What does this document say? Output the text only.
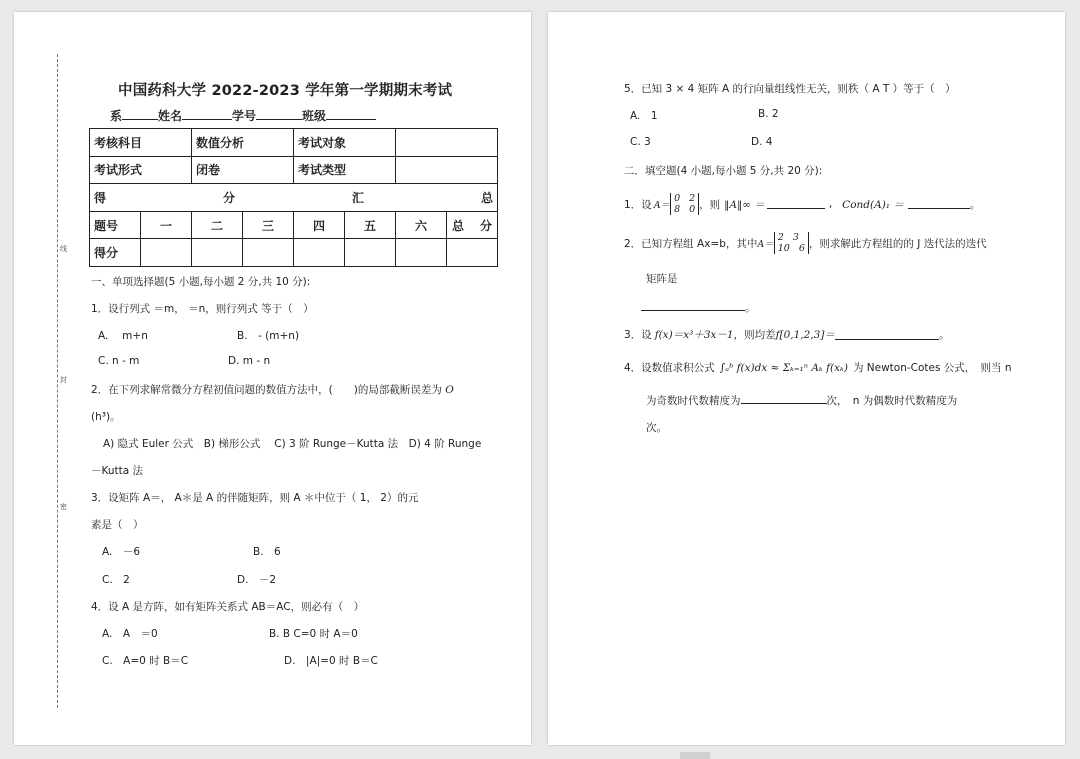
线
封
密
中国药科大学 2022-2023 学年第一学期期末考试
系	姓名	学号	班级
考核科目		数值分析		考试对象			
考试形式		闭卷		考试类型			

得 分 汇 总							

题号	一	二	三	四	五	六	总 分

得分							
一、单项选择题(5 小题,每小题 2 分,共 10 分):
1．设行列式 ＝m， ＝n，则行列式 等于（　）
A.　 m+n	B.　- (m+n)
C. n - m	D. m - n
2．在下列求解常微分方程初值问题的数值方法中，(　　)的局部截断误差为 O
(h³)。
A) 隐式 Euler 公式　B) 梯形公式　 C) 3 阶 Runge－Kutta 法　D) 4 阶 Runge
－Kutta 法
3．设矩阵 A＝， A＊是 A 的伴随矩阵，则 A ＊中位于（ 1， 2）的元
素是（　）
A.　－6	B.　6
C.　2	D.　－2
4．设 A 是方阵，如有矩阵关系式 AB＝AC，则必有（　）
A.　A　＝0	B. B C=0 时 A＝0
C.　A=0 时 B＝C	D.　|A|=0 时 B＝C
5．已知 3 × 4 矩阵 A 的行向量组线性无关，则秩（ A T ）等于（　）
A.　1	B. 2
C. 3	D. 4
二．填空题(4 小题,每小题 5 分,共 20 分):
1．设 A＝
0 2
8 0 ，则 ‖A‖∞ ＝	, Cond(A)₁ ＝	。
2．已知方程组 Ax=b，其中 A＝
2 3
10 6 ，则求解此方程组的的 J 迭代法的迭代
矩阵是
。
3．设 f(x)＝x³＋3x－1 ，则均差 f[0,1,2,3]＝	。
4．设数值求积公式 ∫ₐᵇ f(x)dx ≈ Σₖ₌₁ⁿ Aₖ f(xₖ) 为 Newton-Cotes 公式，　则当 n
为奇数时代数精度为	次，　n 为偶数时代数精度为
次。
